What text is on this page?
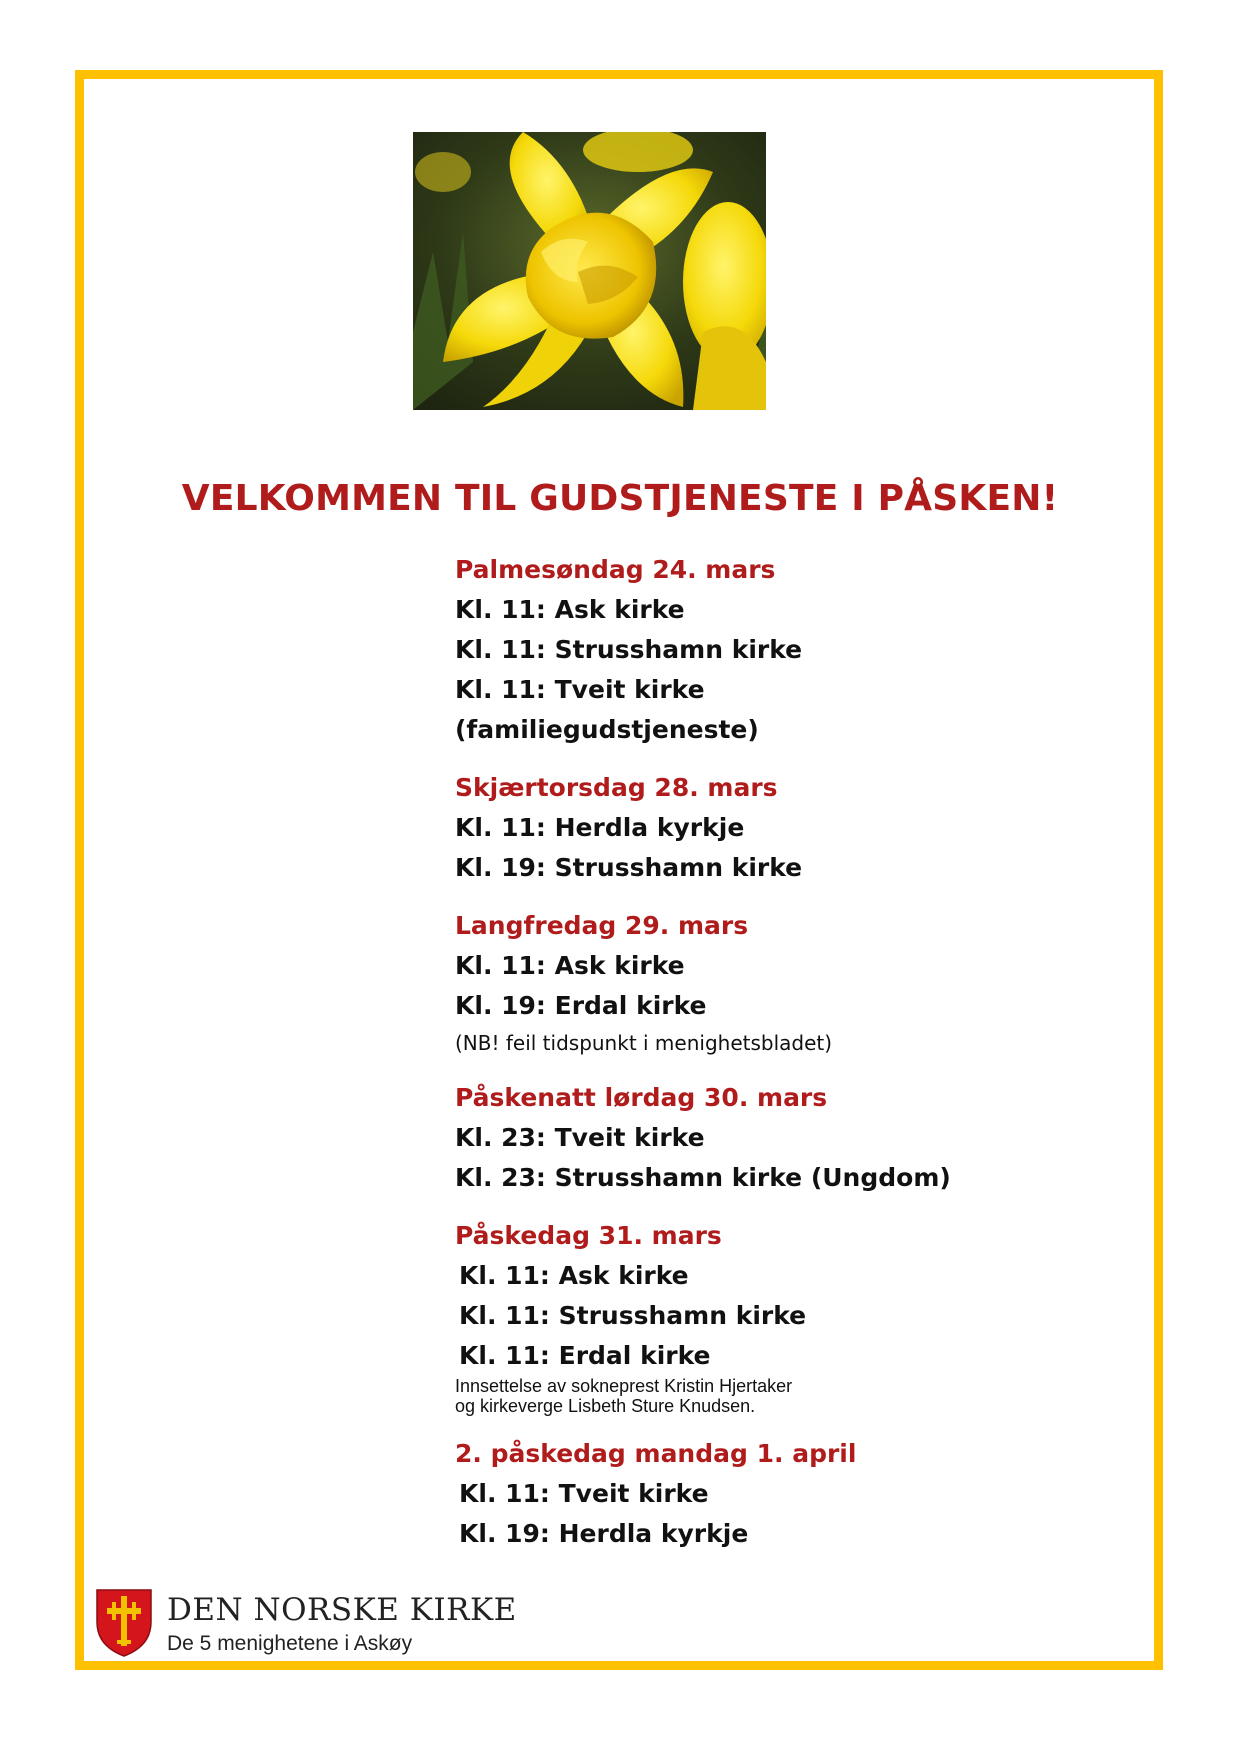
VELKOMMEN TIL GUDSTJENESTE I PÅSKEN!
Palmesøndag 24. mars
Kl. 11: Ask kirke
Kl. 11: Strusshamn kirke
Kl. 11: Tveit kirke
(familiegudstjeneste)
Skjærtorsdag 28. mars
Kl. 11: Herdla kyrkje
Kl. 19: Strusshamn kirke
Langfredag 29. mars
Kl. 11: Ask kirke
Kl. 19: Erdal kirke
(NB! feil tidspunkt i menighetsbladet)
Påskenatt lørdag 30. mars
Kl. 23: Tveit kirke
Kl. 23: Strusshamn kirke (Ungdom)
Påskedag 31. mars
Kl. 11: Ask kirke
Kl. 11: Strusshamn kirke
Kl. 11: Erdal kirke
Innsettelse av sokneprest Kristin Hjertaker
og kirkeverge Lisbeth Sture Knudsen.
2. påskedag mandag 1. april
Kl. 11: Tveit kirke
Kl. 19: Herdla kyrkje
DEN NORSKE KIRKE
De 5 menighetene i Askøy
